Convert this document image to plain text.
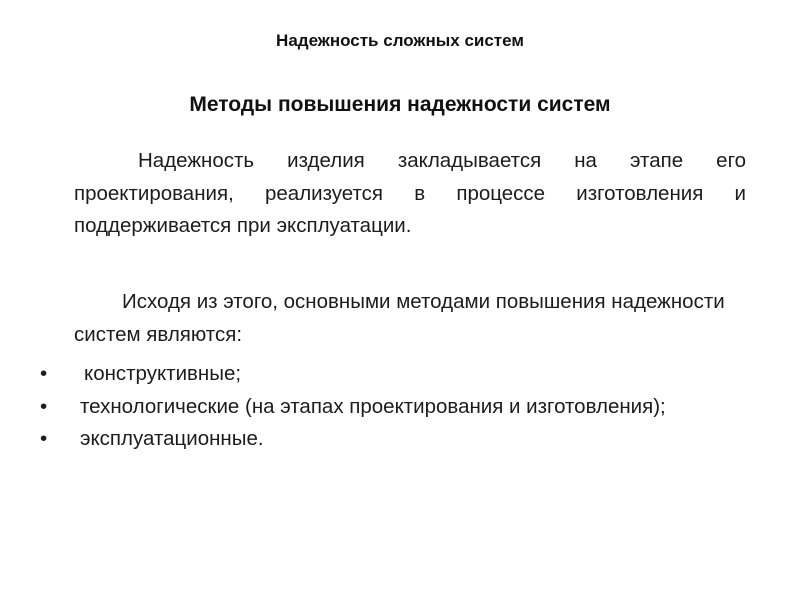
Надежность сложных систем
Методы повышения надежности систем
Надежность изделия закладывается на этапе его проектирования, реализуется в процессе изготовления и поддерживается при эксплуатации.
Исходя из этого, основными методами повышения надежности систем являются:
• конструктивные;
• технологические (на этапах проектирования и изготовления);
• эксплуатационные.
